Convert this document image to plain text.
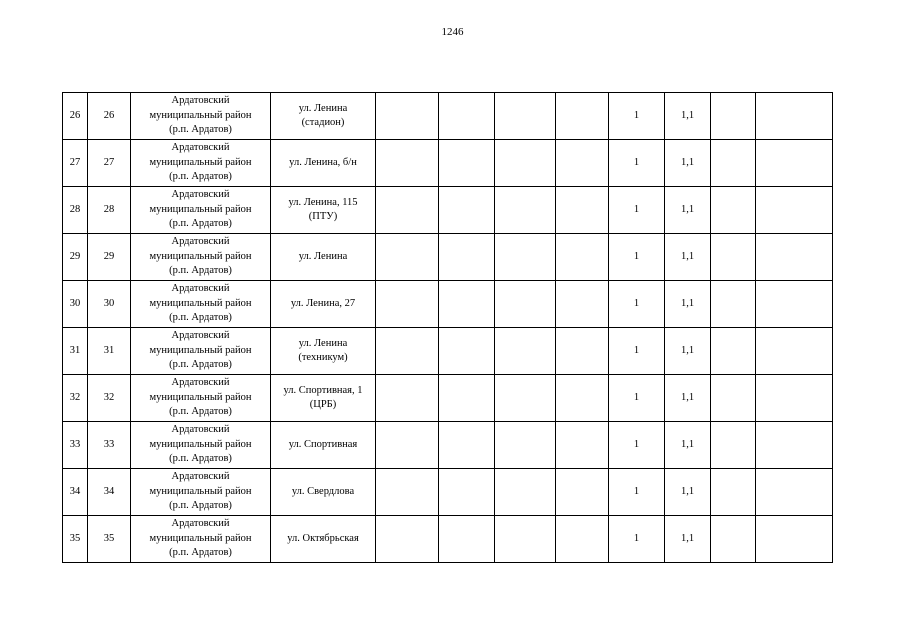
1246
26	26	Ардатовский
муниципальный район
(р.п. Ардатов)	ул. Ленина
(стадион)					1	1,1		
27	27	Ардатовский
муниципальный район
(р.п. Ардатов)	ул. Ленина, б/н					1	1,1		
28	28	Ардатовский
муниципальный район
(р.п. Ардатов)	ул. Ленина, 115
(ПТУ)					1	1,1		
29	29	Ардатовский
муниципальный район
(р.п. Ардатов)	ул. Ленина					1	1,1		
30	30	Ардатовский
муниципальный район
(р.п. Ардатов)	ул. Ленина, 27					1	1,1		
31	31	Ардатовский
муниципальный район
(р.п. Ардатов)	ул. Ленина
(техникум)					1	1,1		
32	32	Ардатовский
муниципальный район
(р.п. Ардатов)	ул. Спортивная, 1
(ЦРБ)					1	1,1		
33	33	Ардатовский
муниципальный район
(р.п. Ардатов)	ул. Спортивная					1	1,1		
34	34	Ардатовский
муниципальный район
(р.п. Ардатов)	ул. Свердлова					1	1,1		
35	35	Ардатовский
муниципальный район
(р.п. Ардатов)	ул. Октябрьская					1	1,1		
